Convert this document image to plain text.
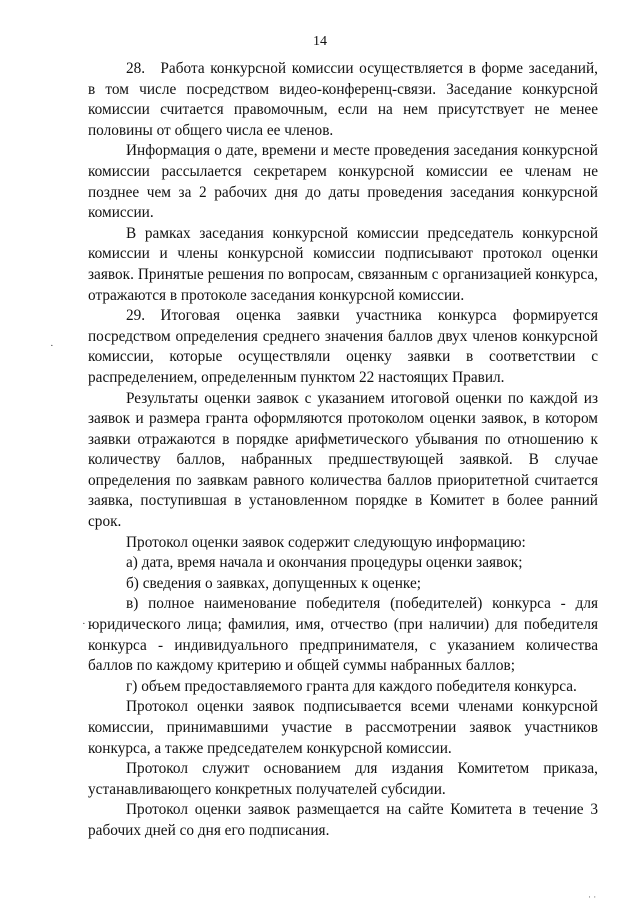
14

28. Работа конкурсной комиссии осуществляется в форме заседаний, в том числе посредством видео-конференц-связи. Заседание конкурсной комиссии считается правомочным, если на нем присутствует не менее половины от общего числа ее членов.

Информация о дате, времени и месте проведения заседания конкурсной комиссии рассылается секретарем конкурсной комиссии ее членам не позднее чем за 2 рабочих дня до даты проведения заседания конкурсной комиссии.

В рамках заседания конкурсной комиссии председатель конкурсной комиссии и члены конкурсной комиссии подписывают протокол оценки заявок. Принятые решения по вопросам, связанным с организацией конкурса, отражаются в протоколе заседания конкурсной комиссии.

29. Итоговая оценка заявки участника конкурса формируется посредством определения среднего значения баллов двух членов конкурсной комиссии, которые осуществляли оценку заявки в соответствии с распределением, определенным пунктом 22 настоящих Правил.

Результаты оценки заявок с указанием итоговой оценки по каждой из заявок и размера гранта оформляются протоколом оценки заявок, в котором заявки отражаются в порядке арифметического убывания по отношению к количеству баллов, набранных предшествующей заявкой. В случае определения по заявкам равного количества баллов приоритетной считается заявка, поступившая в установленном порядке в Комитет в более ранний срок.

Протокол оценки заявок содержит следующую информацию:

а) дата, время начала и окончания процедуры оценки заявок;

б) сведения о заявках, допущенных к оценке;

в) полное наименование победителя (победителей) конкурса - для юридического лица; фамилия, имя, отчество (при наличии) для победителя конкурса - индивидуального предпринимателя, с указанием количества баллов по каждому критерию и общей суммы набранных баллов;

г) объем предоставляемого гранта для каждого победителя конкурса.

Протокол оценки заявок подписывается всеми членами конкурсной комиссии, принимавшими участие в рассмотрении заявок участников конкурса, а также председателем конкурсной комиссии.

Протокол служит основанием для издания Комитетом приказа, устанавливающего конкретных получателей субсидии.

Протокол оценки заявок размещается на сайте Комитета в течение 3 рабочих дней со дня его подписания.

·
·
· ·
